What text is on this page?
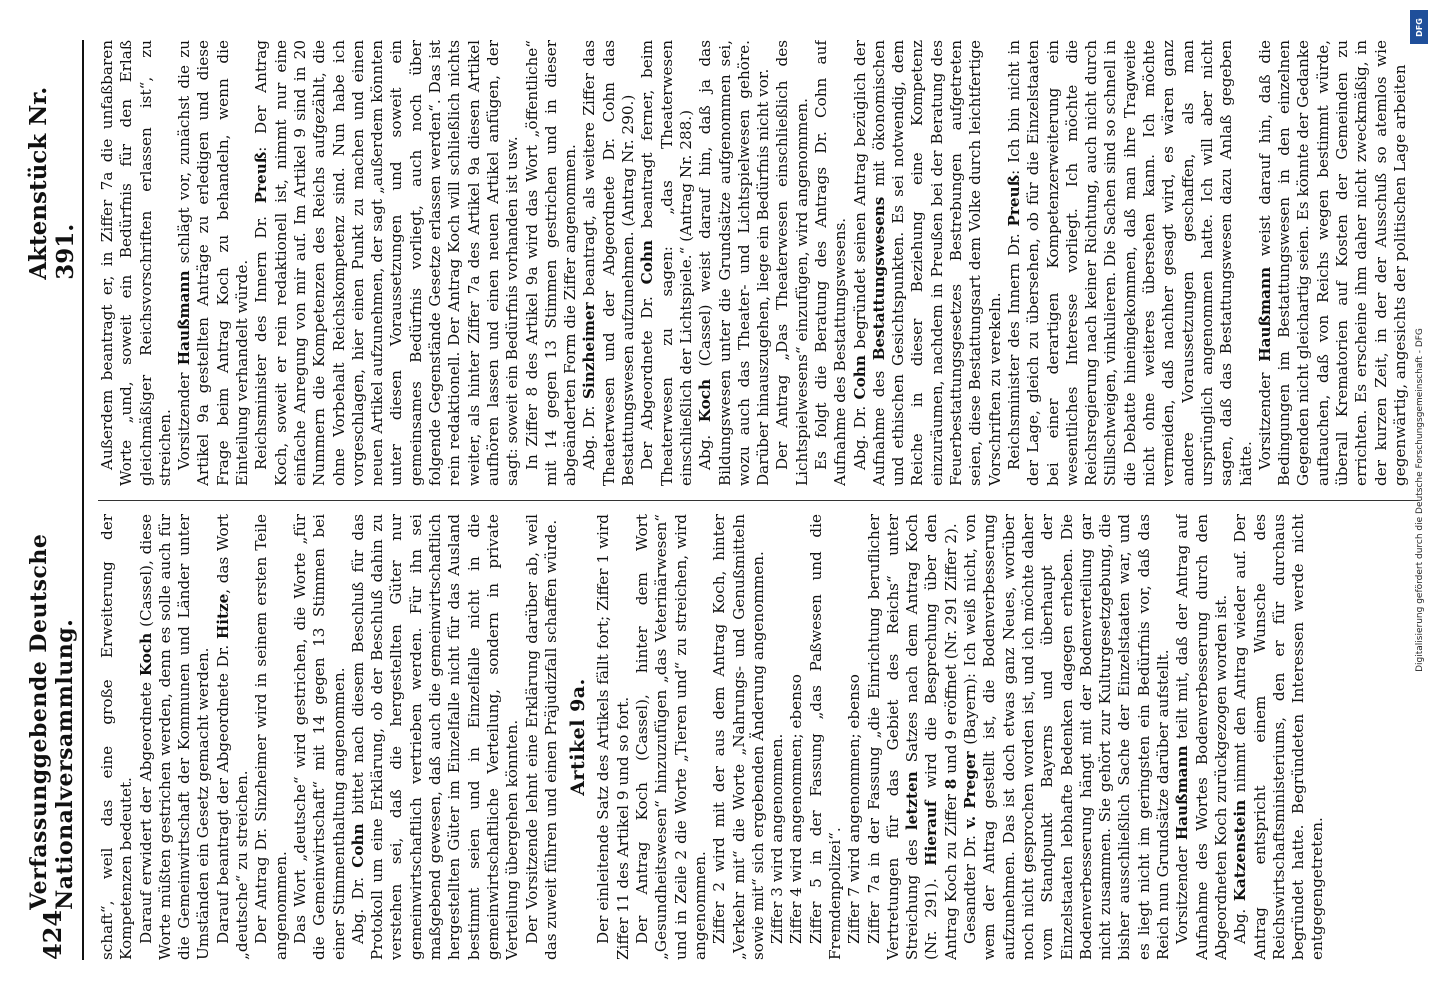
424
Verfassunggebende Deutsche Nationalversammlung.
Aktenstück Nr. 391.

schaft“, weil das eine große Erweiterung der Kompetenzen bedeutet. Darauf erwidert der Abgeordnete Koch (Cassel), diese Worte müßten gestrichen werden, denn es solle auch für die Gemeinwirtschaft der Kommunen und Länder unter Umständen ein Gesetz gemacht werden. Darauf beantragt der Abgeordnete Dr. Hitze, das Wort „deutsche“ zu streichen. Der Antrag Dr. Sinzheimer wird in seinem ersten Teile angenommen. Das Wort „deutsche“ wird gestrichen, die Worte „für die Gemeinwirtschaft“ mit 14 gegen 13 Stimmen bei einer Stimmenthaltung angenommen. Abg. Dr. Cohn bittet nach diesem Beschluß für das Protokoll um eine Erklärung, ob der Beschluß dahin zu verstehen sei, daß die hergestellten Güter nur gemeinwirtschaftlich vertrieben werden. Für ihn sei maßgebend gewesen, daß auch die gemeinwirtschaftlich hergestellten Güter im Einzelfalle nicht für das Ausland bestimmt seien und in Einzelfalle nicht in die gemeinwirtschaftliche Verteilung, sondern in private Verteilung übergehen könnten. Der Vorsitzende lehnt eine Erklärung darüber ab, weil das zuweit führen und einen Präjudizfall schaffen würde. Artikel 9a. Der einleitende Satz des Artikels fällt fort; Ziffer 1 wird Ziffer 11 des Artikel 9 und so fort. Der Antrag Koch (Cassel), hinter dem Wort „Gesundheitswesen“ hinzuzufügen „das Veterinärwesen“ und in Zeile 2 die Worte „Tieren und“ zu streichen, wird angenommen. Ziffer 2 wird mit der aus dem Antrag Koch, hinter „Verkehr mit“ die Worte „Nahrungs- und Genußmitteln sowie mit“ sich ergebenden Änderung angenommen. Ziffer 3 wird angenommen. Ziffer 4 wird angenommen; ebenso Ziffer 5 in der Fassung „das Paßwesen und die Fremdenpolizei“. Ziffer 7 wird angenommen; ebenso Ziffer 7a in der Fassung „die Einrichtung beruflicher Vertretungen für das Gebiet des Reichs“ unter Streichung des letzten Satzes nach dem Antrag Koch (Nr. 291). Hierauf wird die Besprechung über den Antrag Koch zu Ziffer 8 und 9 eröffnet (Nr. 291 Ziffer 2).

Gesandter Dr. v. Preger (Bayern): Ich weiß nicht, von wem der Antrag gestellt ist, die Bodenverbesserung aufzunehmen. Das ist doch etwas ganz Neues, worüber noch nicht gesprochen worden ist, und ich möchte daher vom Standpunkt Bayerns und überhaupt der Einzelstaaten lebhafte Bedenken dagegen erheben. Die Bodenverbesserung hängt mit der Bodenverteilung gar nicht zusammen. Sie gehört zur Kulturgesetzgebung, die bisher ausschließlich Sache der Einzelstaaten war, und es liegt nicht im geringsten ein Bedürfnis vor, daß das Reich nun Grundsätze darüber aufstellt. Vorsitzender Haußmann teilt mit, daß der Antrag auf Aufnahme des Wortes Bodenverbesserung durch den Abgeordneten Koch zurückgezogen worden ist. Abg. Katzenstein nimmt den Antrag wieder auf. Der Antrag entspricht einem Wunsche des Reichswirtschaftsministeriums, den er für durchaus begründet hatte. Begründeten Interessen werde nicht entgegengetreten.

Außerdem beantragt er, in Ziffer 7a die unfaßbaren Worte „und, soweit ein Bedürfnis für den Erlaß gleichmäßiger Reichsvorschriften erlassen ist“, zu streichen. Vorsitzender Haußmann schlägt vor, zunächst die zu Artikel 9a gestellten Anträge zu erledigen und diese Frage beim Antrag Koch zu behandeln, wenn die Einteilung verhandelt würde. Reichsminister des Innern Dr. Preuß: Der Antrag Koch, soweit er rein redaktionell ist, nimmt nur eine einfache Anregung von mir auf. Im Artikel 9 sind in 20 Nummern die Kompetenzen des Reichs aufgezählt, die ohne Vorbehalt Reichskompetenz sind. Nun habe ich vorgeschlagen, hier einen Punkt zu machen und einen neuen Artikel aufzunehmen, der sagt „außerdem könnten unter diesen Voraussetzungen und soweit ein gemeinsames Bedürfnis vorliegt, auch noch über folgende Gegenstände Gesetze erlassen werden“. Das ist rein redaktionell. Der Antrag Koch will schließlich nichts weiter, als hinter Ziffer 7a des Artikel 9a diesen Artikel aufhören lassen und einen neuen Artikel anfügen, der sagt: soweit ein Bedürfnis vorhanden ist usw. In Ziffer 8 des Artikel 9a wird das Wort „öffentliche“ mit 14 gegen 13 Stimmen gestrichen und in dieser abgeänderten Form die Ziffer angenommen. Abg. Dr. Sinzheimer beantragt, als weitere Ziffer das Theaterwesen und der Abgeordnete Dr. Cohn das Bestattungswesen aufzunehmen. (Antrag Nr. 290.) Der Abgeordnete Dr. Cohn beantragt ferner, beim Theaterwesen zu sagen: „das Theaterwesen einschließlich der Lichtspiele.“ (Antrag Nr. 288.) Abg. Koch (Cassel) weist darauf hin, daß ja das Bildungswesen unter die Grundsätze aufgenommen sei, wozu auch das Theater- und Lichtspielwesen gehöre. Darüber hinauszugehen, liege ein Bedürfnis nicht vor. Der Antrag „Das Theaterwesen einschließlich des Lichtspielwesens“ einzufügen, wird angenommen. Es folgt die Beratung des Antrags Dr. Cohn auf Aufnahme des Bestattungswesens. Abg. Dr. Cohn begründet seinen Antrag bezüglich der Aufnahme des Bestattungswesens mit ökonomischen und ethischen Gesichtspunkten. Es sei notwendig, dem Reiche in dieser Beziehung eine Kompetenz einzuräumen, nachdem in Preußen bei der Beratung des Feuerbestattungsgesetzes Bestrebungen aufgetreten seien, diese Bestattungsart dem Volke durch leichtfertige Vorschriften zu verekeln. Reichsminister des Innern Dr. Preuß: Ich bin nicht in der Lage, gleich zu übersehen, ob für die Einzelstaaten bei einer derartigen Kompetenzerweiterung ein wesentliches Interesse vorliegt. Ich möchte die Reichsregierung nach keiner Richtung, auch nicht durch Stillschweigen, vinkulieren. Die Sachen sind so schnell in die Debatte hineingekommen, daß man ihre Tragweite nicht ohne weiteres übersehen kann. Ich möchte vermeiden, daß nachher gesagt wird, es wären ganz andere Voraussetzungen geschaffen, als man ursprünglich angenommen hatte. Ich will aber nicht sagen, daß das Bestattungswesen dazu Anlaß gegeben hätte. Vorsitzender Haußmann weist darauf hin, daß die Bedingungen im Bestattungswesen in den einzelnen Gegenden nicht gleichartig seien. Es könnte der Gedanke auftauchen, daß von Reichs wegen bestimmt würde, überall Krematorien auf Kosten der Gemeinden zu errichten. Es erscheine ihm daher nicht zweckmäßig, in der kurzen Zeit, in der der Ausschuß so atemlos wie gegenwärtig, angesichts der politischen Lage arbeiten

DFG
Digitalisierung gefördert durch die Deutsche Forschungsgemeinschaft - DFG
